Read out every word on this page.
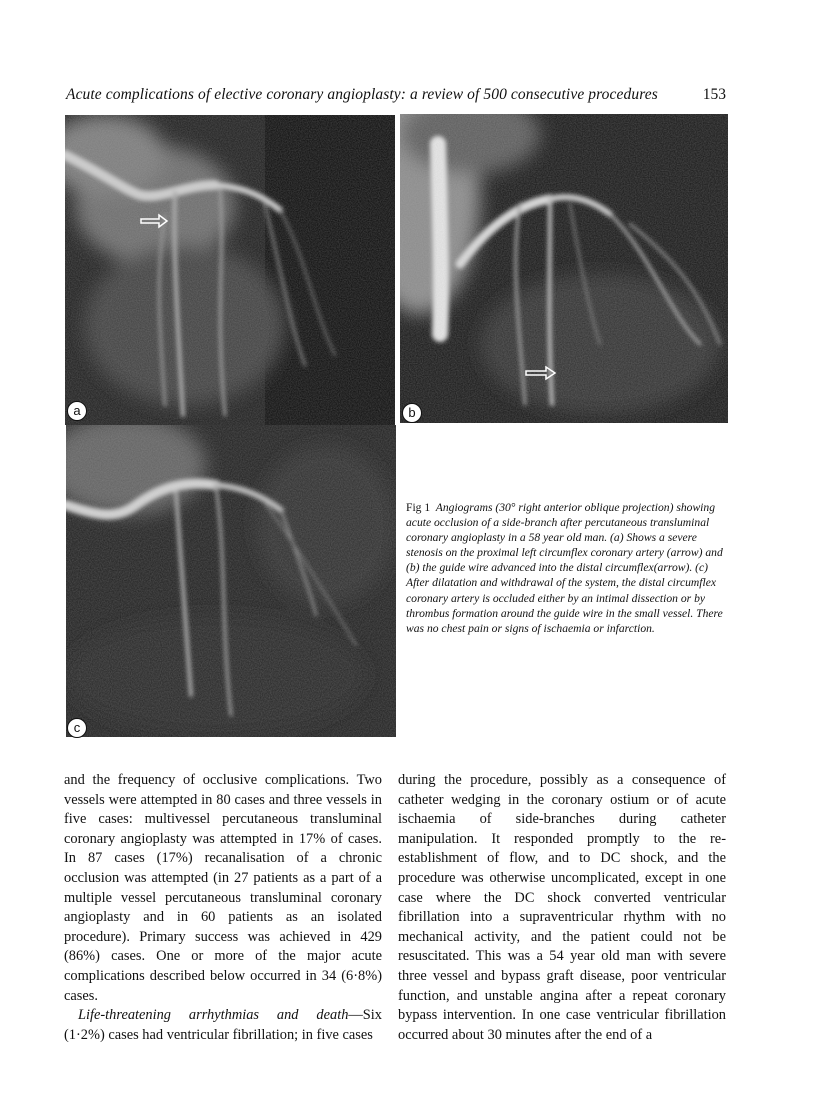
Acute complications of elective coronary angioplasty: a review of 500 consecutive procedures	153
a	b
c
Fig 1 Angiograms (30° right anterior oblique projection) showing acute occlusion of a side-branch after percutaneous transluminal coronary angioplasty in a 58 year old man. (a) Shows a severe stenosis on the proximal left circumflex coronary artery (arrow) and (b) the guide wire advanced into the distal circumflex(arrow). (c) After dilatation and withdrawal of the system, the distal circumflex coronary artery is occluded either by an intimal dissection or by thrombus formation around the guide wire in the small vessel. There was no chest pain or signs of ischaemia or infarction.

and the frequency of occlusive complications. Two vessels were attempted in 80 cases and three vessels in five cases: multivessel percutaneous transluminal coronary angioplasty was attempted in 17% of cases. In 87 cases (17%) recanalisation of a chronic occlusion was attempted (in 27 patients as a part of a multiple vessel percutaneous transluminal coronary angioplasty and in 60 patients as an isolated procedure). Primary success was achieved in 429 (86%) cases. One or more of the major acute complications described below occurred in 34 (6·8%) cases.

Life-threatening arrhythmias and death—Six (1·2%) cases had ventricular fibrillation; in five cases

during the procedure, possibly as a consequence of catheter wedging in the coronary ostium or of acute ischaemia of side-branches during catheter manipulation. It responded promptly to the re-establishment of flow, and to DC shock, and the procedure was otherwise uncomplicated, except in one case where the DC shock converted ventricular fibrillation into a supraventricular rhythm with no mechanical activity, and the patient could not be resuscitated. This was a 54 year old man with severe three vessel and bypass graft disease, poor ventricular function, and unstable angina after a repeat coronary bypass intervention. In one case ventricular fibrillation occurred about 30 minutes after the end of a
